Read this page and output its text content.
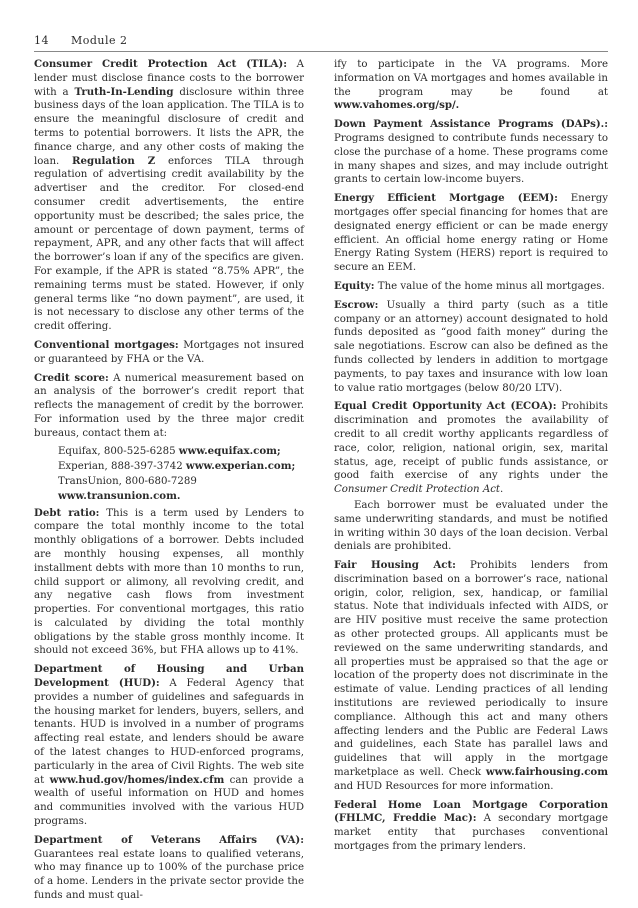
14 Module 2

Consumer Credit Protection Act (TILA): A lender must disclose finance costs to the borrower with a Truth-In-Lending disclosure within three business days of the loan application. The TILA is to ensure the meaningful disclosure of credit and terms to potential borrowers. It lists the APR, the finance charge, and any other costs of making the loan. Regulation Z enforces TILA through regulation of advertising credit availability by the advertiser and the creditor. For closed-end consumer credit advertisements, the entire opportunity must be described; the sales price, the amount or percentage of down payment, terms of repayment, APR, and any other facts that will affect the borrower’s loan if any of the specifics are given. For example, if the APR is stated “8.75% APR”, the remaining terms must be stated. However, if only general terms like “no down payment”, are used, it is not necessary to disclose any other terms of the credit offering.

Conventional mortgages: Mortgages not insured or guaranteed by FHA or the VA.

Credit score: A numerical measurement based on an analysis of the borrower’s credit report that reflects the management of credit by the borrower. For information used by the three major credit bureaus, contact them at:

Equifax, 800-525-6285 www.equifax.com;
Experian, 888-397-3742 www.experian.com;
TransUnion, 800-680-7289 www.transunion.com.

Debt ratio: This is a term used by Lenders to compare the total monthly income to the total monthly obligations of a borrower. Debts included are monthly housing expenses, all monthly installment debts with more than 10 months to run, child support or alimony, all revolving credit, and any negative cash flows from investment properties. For conventional mortgages, this ratio is calculated by dividing the total monthly obligations by the stable gross monthly income. It should not exceed 36%, but FHA allows up to 41%.

Department of Housing and Urban Development (HUD): A Federal Agency that provides a number of guidelines and safeguards in the housing market for lenders, buyers, sellers, and tenants. HUD is involved in a number of programs affecting real estate, and lenders should be aware of the latest changes to HUD-enforced programs, particularly in the area of Civil Rights. The web site at www.hud.gov/homes/index.cfm can provide a wealth of useful information on HUD and homes and communities involved with the various HUD programs.

Department of Veterans Affairs (VA): Guarantees real estate loans to qualified veterans, who may finance up to 100% of the purchase price of a home. Lenders in the private sector provide the funds and must qual-

ify to participate in the VA programs. More information on VA mortgages and homes available in the program may be found at www.vahomes.org/sp/.

Down Payment Assistance Programs (DAPs).: Programs designed to contribute funds necessary to close the purchase of a home. These programs come in many shapes and sizes, and may include outright grants to certain low-income buyers.

Energy Efficient Mortgage (EEM): Energy mortgages offer special financing for homes that are designated energy efficient or can be made energy efficient. An official home energy rating or Home Energy Rating System (HERS) report is required to secure an EEM.

Equity: The value of the home minus all mortgages.

Escrow: Usually a third party (such as a title company or an attorney) account designated to hold funds deposited as “good faith money” during the sale negotiations. Escrow can also be defined as the funds collected by lenders in addition to mortgage payments, to pay taxes and insurance with low loan to value ratio mortgages (below 80/20 LTV).

Equal Credit Opportunity Act (ECOA): Prohibits discrimination and promotes the availability of credit to all credit worthy applicants regardless of race, color, religion, national origin, sex, marital status, age, receipt of public funds assistance, or good faith exercise of any rights under the Consumer Credit Protection Act.

Each borrower must be evaluated under the same underwriting standards, and must be notified in writing within 30 days of the loan decision. Verbal denials are prohibited.

Fair Housing Act: Prohibits lenders from discrimination based on a borrower’s race, national origin, color, religion, sex, handicap, or familial status. Note that individuals infected with AIDS, or are HIV positive must receive the same protection as other protected groups. All applicants must be reviewed on the same underwriting standards, and all properties must be appraised so that the age or location of the property does not discriminate in the estimate of value. Lending practices of all lending institutions are reviewed periodically to insure compliance. Although this act and many others affecting lenders and the Public are Federal Laws and guidelines, each State has parallel laws and guidelines that will apply in the mortgage marketplace as well. Check www.fairhousing.com and HUD Resources for more information.

Federal Home Loan Mortgage Corporation (FHLMC, Freddie Mac): A secondary mortgage market entity that purchases conventional mortgages from the primary lenders.
